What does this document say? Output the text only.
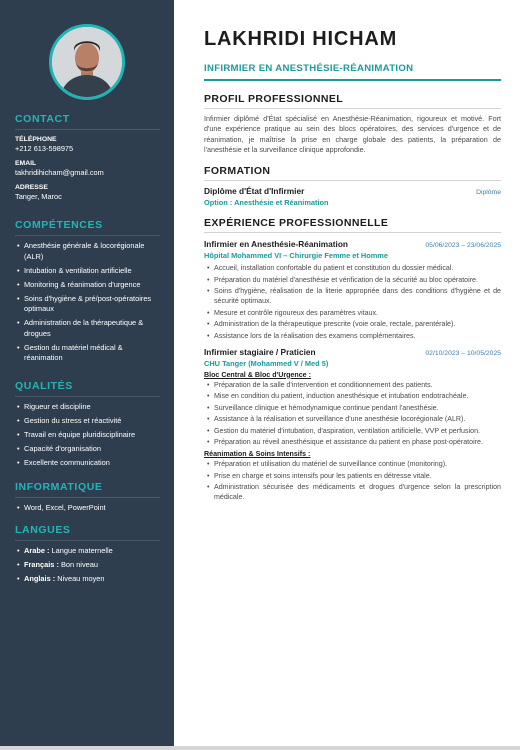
CONTACT
TÉLÉPHONE
+212 613-598975
EMAIL
takhridihicham@gmail.com
ADRESSE
Tanger, Maroc
COMPÉTENCES
• Anesthésie générale & locorégionale (ALR)
• Intubation & ventilation artificielle
• Monitoring & réanimation d'urgence
• Soins d'hygiène & pré/post-opératoires optimaux
• Administration de la thérapeutique & drogues
• Gestion du matériel médical & réanimation
QUALITÉS
• Rigueur et discipline
• Gestion du stress et réactivité
• Travail en équipe pluridisciplinaire
• Capacité d'organisation
• Excellente communication
INFORMATIQUE
• Word, Excel, PowerPoint
LANGUES
• Arabe : Langue maternelle
• Français : Bon niveau
• Anglais : Niveau moyen
LAKHRIDI HICHAM
INFIRMIER EN ANESTHÉSIE-RÉANIMATION
PROFIL PROFESSIONNEL
Infirmier diplômé d'État spécialisé en Anesthésie-Réanimation, rigoureux et motivé. Fort d'une expérience pratique au sein des blocs opératoires, des services d'urgence et de réanimation, je maîtrise la prise en charge globale des patients, la préparation de l'anesthésie et la surveillance clinique approfondie.
FORMATION
Diplôme d'État d'Infirmier	Diplôme
Option : Anesthésie et Réanimation
EXPÉRIENCE PROFESSIONNELLE
Infirmier en Anesthésie-Réanimation	05/06/2023 – 23/06/2025
Hôpital Mohammed VI – Chirurgie Femme et Homme
• Accueil, installation confortable du patient et constitution du dossier médical.
• Préparation du matériel d'anesthésie et vérification de la sécurité au bloc opératoire.
• Soins d'hygiène, réalisation de la literie appropriée dans des conditions d'hygiène et de sécurité optimaux.
• Mesure et contrôle rigoureux des paramètres vitaux.
• Administration de la thérapeutique prescrite (voie orale, rectale, parentérale).
• Assistance lors de la réalisation des examens complémentaires.
Infirmier stagiaire / Praticien	02/10/2023 – 10/05/2025
CHU Tanger (Mohammed V / Med 5)
Bloc Central & Bloc d'Urgence :
• Préparation de la salle d'intervention et conditionnement des patients.
• Mise en condition du patient, induction anesthésique et intubation endotrachéale.
• Surveillance clinique et hémodynamique continue pendant l'anesthésie.
• Assistance à la réalisation et surveillance d'une anesthésie locorégionale (ALR).
• Gestion du matériel d'intubation, d'aspiration, ventilation artificielle, VVP et perfusion.
• Préparation au réveil anesthésique et assistance du patient en phase post-opératoire.
Réanimation & Soins Intensifs :
• Préparation et utilisation du matériel de surveillance continue (monitoring).
• Prise en charge et soins intensifs pour les patients en détresse vitale.
• Administration sécurisée des médicaments et drogues d'urgence selon la prescription médicale.
